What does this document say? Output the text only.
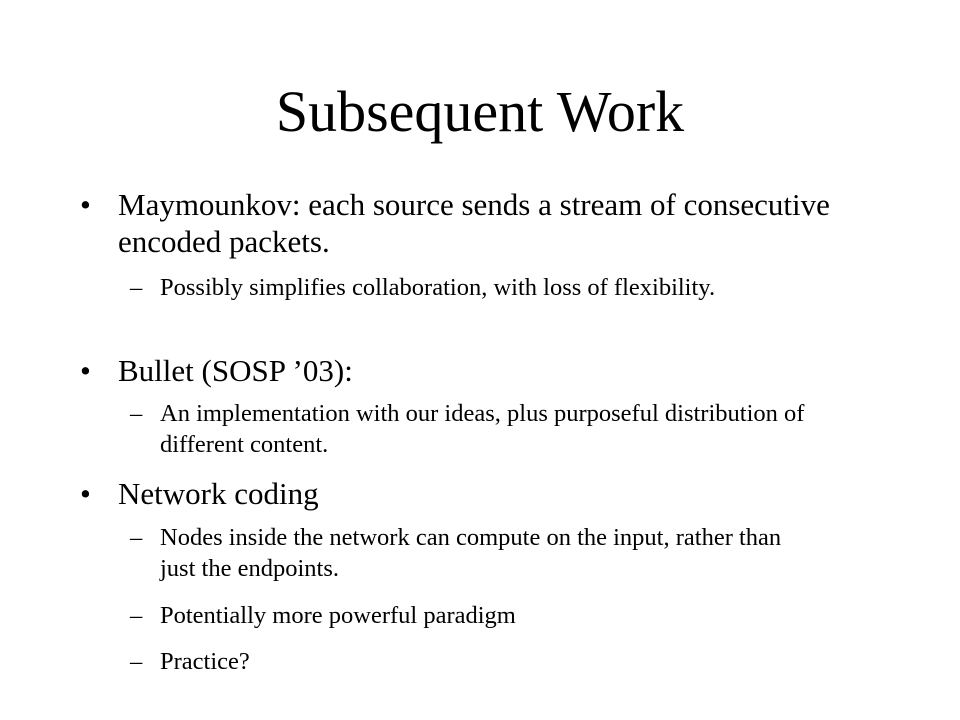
Subsequent Work
• Maymounkov: each source sends a stream of consecutive encoded packets.
– Possibly simplifies collaboration, with loss of flexibility.
• Bullet (SOSP ’03):
– An implementation with our ideas, plus purposeful distribution of different content.
• Network coding
– Nodes inside the network can compute on the input, rather than just the endpoints.
– Potentially more powerful paradigm
– Practice?
